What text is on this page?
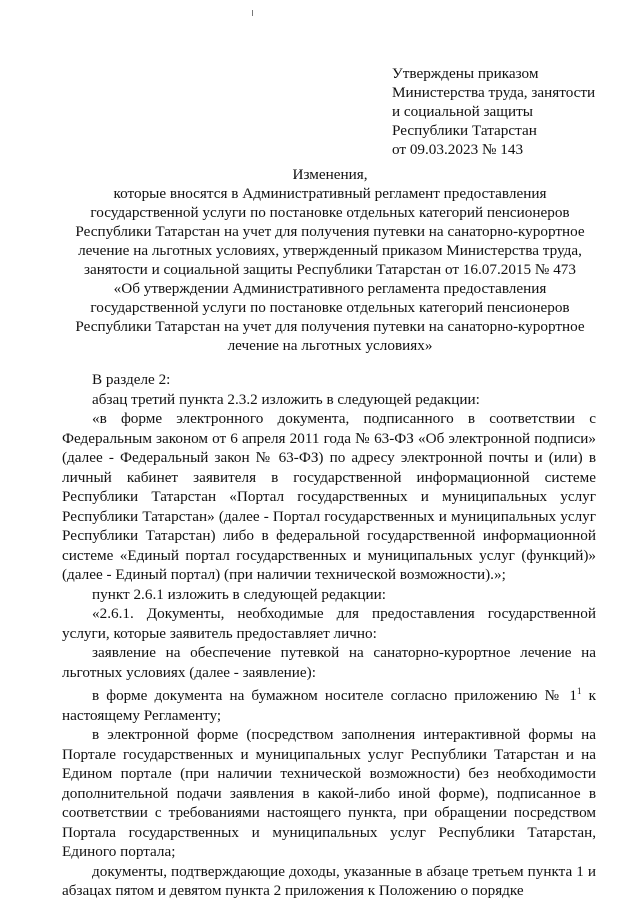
Утверждены приказом
Министерства труда, занятости
и социальной защиты
Республики Татарстан
от 09.03.2023 № 143
Изменения,
которые вносятся в Административный регламент предоставления
государственной услуги по постановке отдельных категорий пенсионеров
Республики Татарстан на учет для получения путевки на санаторно-курортное
лечение на льготных условиях, утвержденный приказом Министерства труда,
занятости и социальной защиты Республики Татарстан от 16.07.2015 № 473
«Об утверждении Административного регламента предоставления
государственной услуги по постановке отдельных категорий пенсионеров
Республики Татарстан на учет для получения путевки на санаторно-курортное
лечение на льготных условиях»

В разделе 2:

абзац третий пункта 2.3.2 изложить в следующей редакции:

«в форме электронного документа, подписанного в соответствии с Федеральным законом от 6 апреля 2011 года № 63-ФЗ «Об электронной подписи» (далее - Федеральный закон № 63-ФЗ) по адресу электронной почты и (или) в личный кабинет заявителя в государственной информационной системе Республики Татарстан «Портал государственных и муниципальных услуг Республики Татарстан» (далее - Портал государственных и муниципальных услуг Республики Татарстан) либо в федеральной государственной информационной системе «Единый портал государственных и муниципальных услуг (функций)» (далее - Единый портал) (при наличии технической возможности).»;

пункт 2.6.1 изложить в следующей редакции:

«2.6.1. Документы, необходимые для предоставления государственной услуги, которые заявитель предоставляет лично:

заявление на обеспечение путевкой на санаторно-курортное лечение на льготных условиях (далее - заявление):

в форме документа на бумажном носителе согласно приложению № $1^1$ к настоящему Регламенту;

в электронной форме (посредством заполнения интерактивной формы на Портале государственных и муниципальных услуг Республики Татарстан и на Едином портале (при наличии технической возможности) без необходимости дополнительной подачи заявления в какой-либо иной форме), подписанное в соответствии с требованиями настоящего пункта, при обращении посредством Портала государственных и муниципальных услуг Республики Татарстан, Единого портала;

документы, подтверждающие доходы, указанные в абзаце третьем пункта 1 и абзацах пятом и девятом пункта 2 приложения к Положению о порядке
